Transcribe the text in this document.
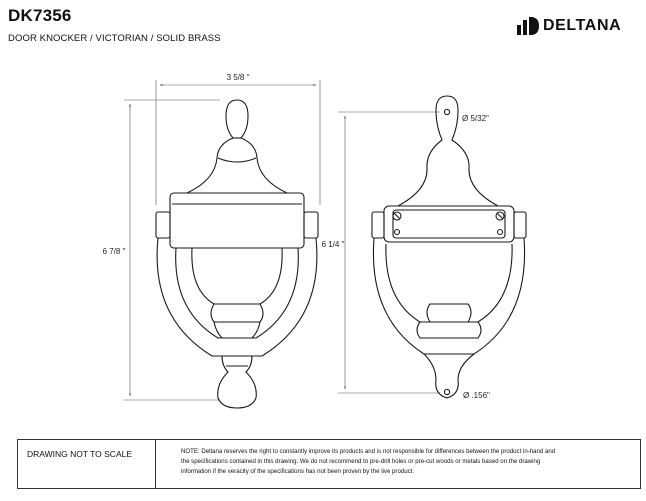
DK7356
DOOR KNOCKER / VICTORIAN / SOLID BRASS
DELTANA
3 5/8 "
6 7/8 "
6 1/4 "
Ø 5/32"
Ø .156"
DRAWING NOT TO SCALE	NOTE: Deltana reserves the right to constantly improve its products and is not responsible for differences between the product in-hand and
the specifications contained in this drawing. We do not recommend to pre-drill holes or pre-cut woods or metals based on the drawing
information if the veracity of the specifications has not been proven by the live product.
